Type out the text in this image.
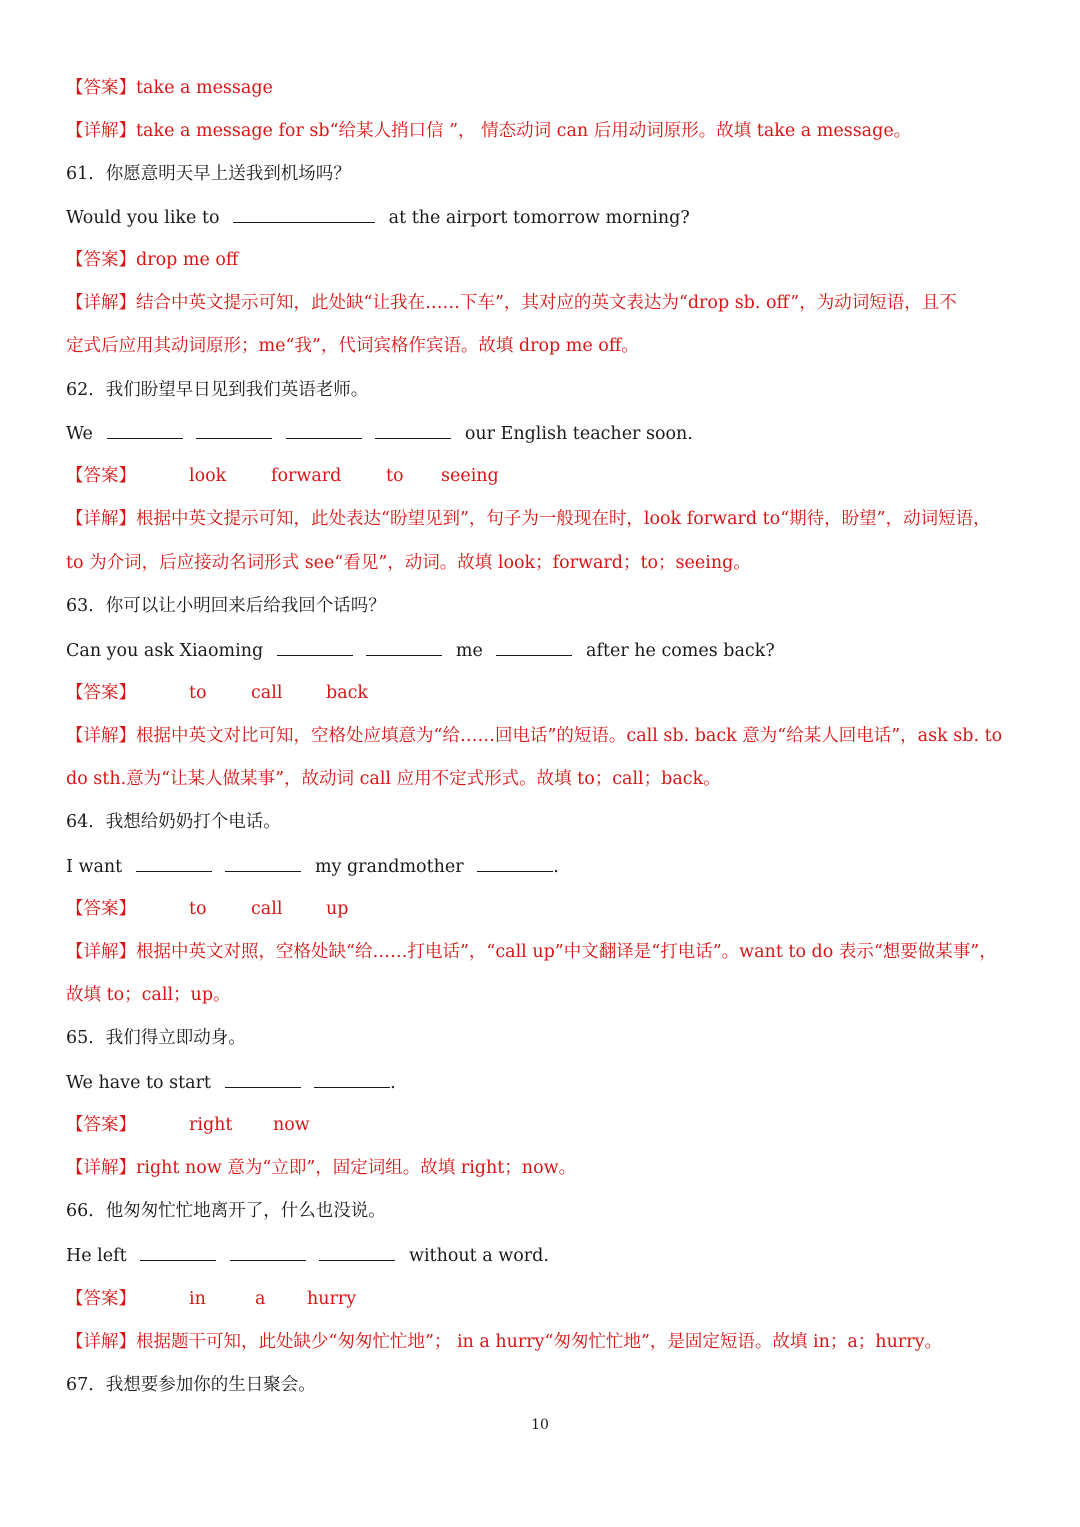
【答案】take a message
【详解】take a message for sb“给某人捎口信 ”， 情态动词 can 后用动词原形。故填 take a message。
61．你愿意明天早上送我到机场吗？
Would you like to	at the airport tomorrow morning?
【答案】drop me off
【详解】结合中英文提示可知，此处缺“让我在……下车”，其对应的英文表达为“drop sb. off”，为动词短语，且不
定式后应用其动词原形；me“我”，代词宾格作宾语。故填 drop me off。
62．我们盼望早日见到我们英语老师。
We	our English teacher soon.
【答案】	look	forward	to seeing
【详解】根据中英文提示可知，此处表达“盼望见到”，句子为一般现在时，look forward to“期待，盼望”，动词短语，
to 为介词，后应接动名词形式 see“看见”，动词。故填 look；forward；to；seeing。
63．你可以让小明回来后给我回个话吗？
Can you ask Xiaoming	me	after he comes back?
【答案】	to	call back
【详解】根据中英文对比可知，空格处应填意为“给……回电话”的短语。call sb. back 意为“给某人回电话”，ask sb. to
do sth.意为“让某人做某事”，故动词 call 应用不定式形式。故填 to；call；back。
64．我想给奶奶打个电话。
I want	my grandmother	.
【答案】	to	call up
【详解】根据中英文对照，空格处缺“给……打电话”，“call up”中文翻译是“打电话”。want to do 表示“想要做某事”，
故填 to；call；up。
65．我们得立即动身。
We have to start	.
【答案】	right now
【详解】right now 意为“立即”，固定词组。故填 right；now。
66．他匆匆忙忙地离开了，什么也没说。
He left	without a word.
【答案】	in	a hurry
【详解】根据题干可知，此处缺少“匆匆忙忙地”； in a hurry“匆匆忙忙地”，是固定短语。故填 in；a；hurry。
67．我想要参加你的生日聚会。
10
